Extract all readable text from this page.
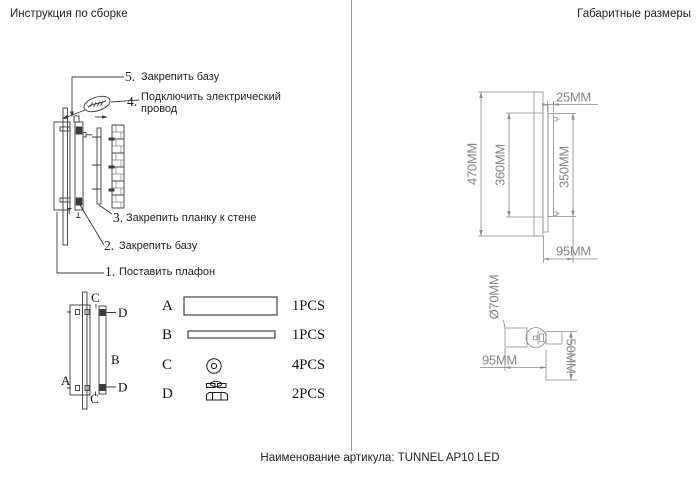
Инструкция по сборке	Габаритные размеры
5. Закрепить базу
4. Подключить электрический
провод
3. Закрепить планку к стене
2. Закрепить базу
1. Поставить плафон
C
C
D
D
B
A
A	1PCS
B	1PCS
C	4PCS
D	2PCS
470MM 360MM	350MM
25MM
95MM
Ø70MM
95MM	50MM
Наименование артикула: TUNNEL AP10 LED
